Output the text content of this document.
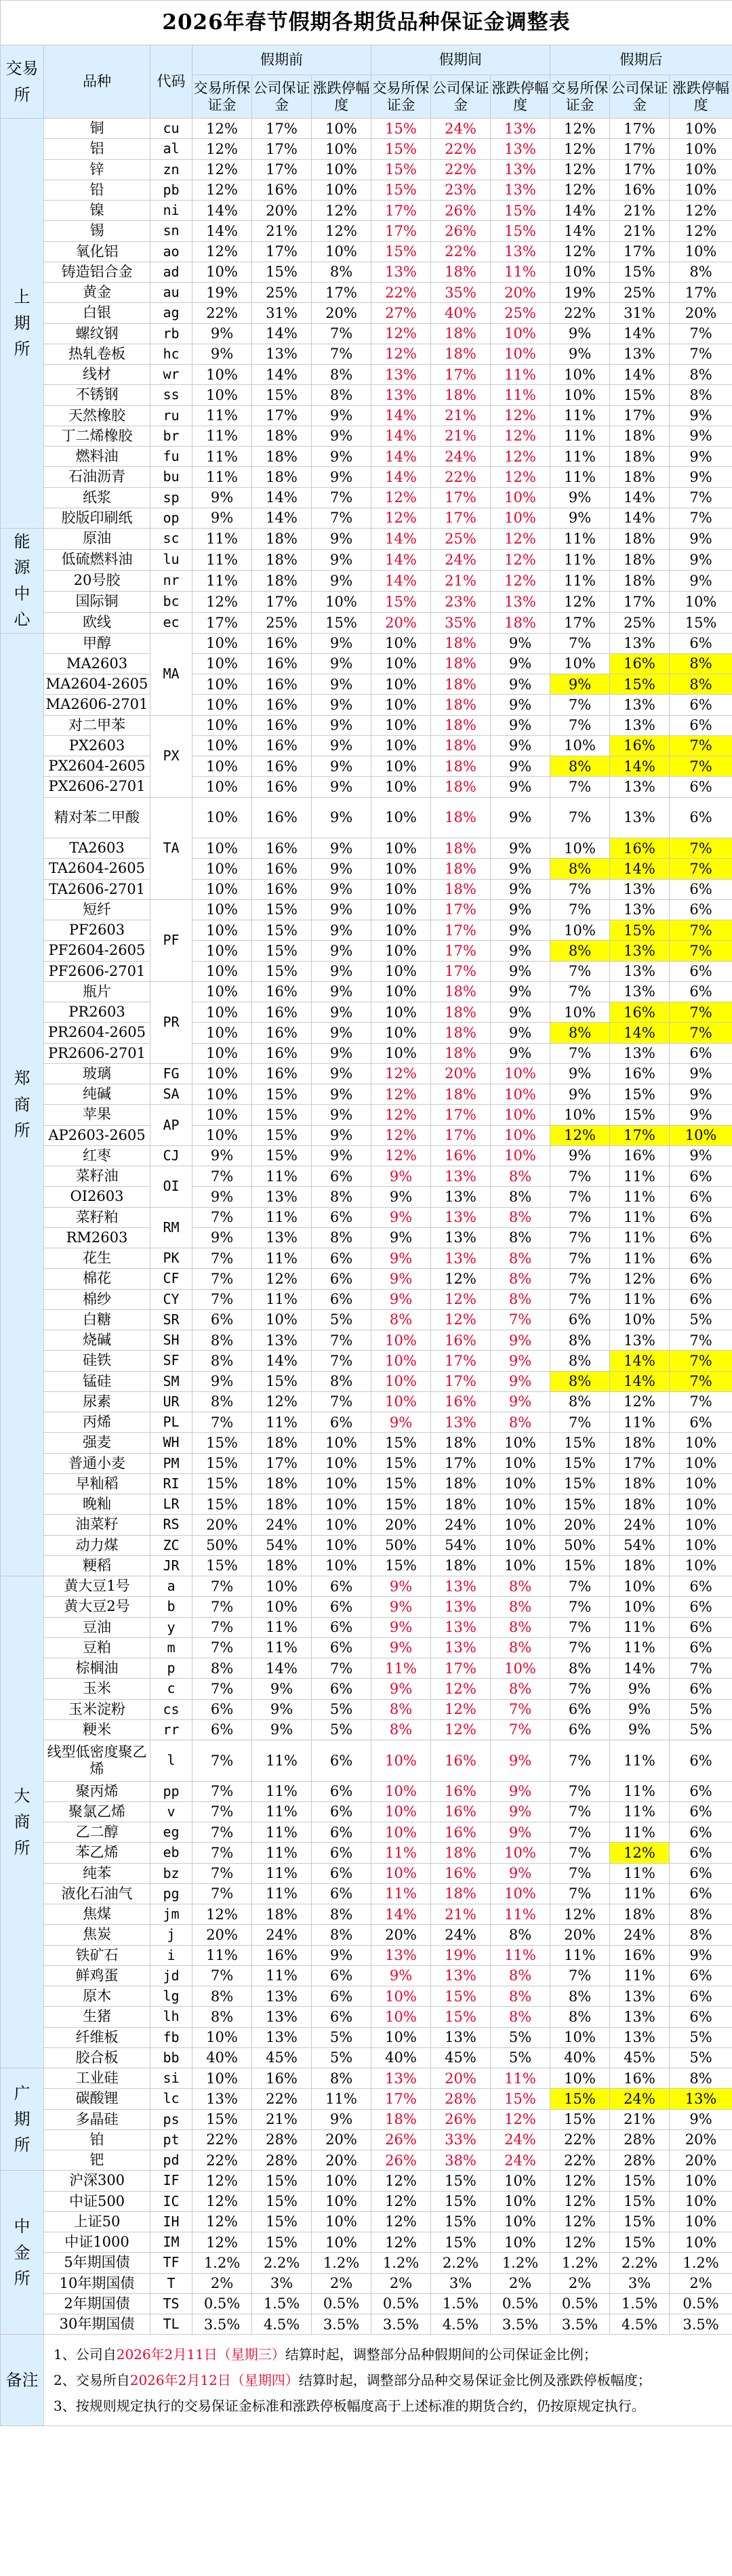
2026年春节假期各期货品种保证金调整表											

交易所	品种	代码	假期前			假期间			假期后		
			交易所保证金	公司保证金	涨跌停幅度	交易所保证金	公司保证金	涨跌停幅度	交易所保证金	公司保证金	涨跌停幅度

上
期
所	铜	cu	12%	17%	10%	15%	24%	13%	12%	17%	10%
	铝	al	12%	17%	10%	15%	22%	13%	12%	17%	10%
	锌	zn	12%	17%	10%	15%	22%	13%	12%	17%	10%
	铅	pb	12%	16%	10%	15%	23%	13%	12%	16%	10%
	镍	ni	14%	20%	12%	17%	26%	15%	14%	21%	12%
	锡	sn	14%	21%	12%	17%	26%	15%	14%	21%	12%
	氧化铝	ao	12%	17%	10%	15%	22%	13%	12%	17%	10%
	铸造铝合金	ad	10%	15%	8%	13%	18%	11%	10%	15%	8%
	黄金	au	19%	25%	17%	22%	35%	20%	19%	25%	17%
	白银	ag	22%	31%	20%	27%	40%	25%	22%	31%	20%
	螺纹钢	rb	9%	14%	7%	12%	18%	10%	9%	14%	7%
	热轧卷板	hc	9%	13%	7%	12%	18%	10%	9%	13%	7%
	线材	wr	10%	14%	8%	13%	17%	11%	10%	14%	8%
	不锈钢	ss	10%	15%	8%	13%	18%	11%	10%	15%	8%
	天然橡胶	ru	11%	17%	9%	14%	21%	12%	11%	17%	9%
	丁二烯橡胶	br	11%	18%	9%	14%	21%	12%	11%	18%	9%
	燃料油	fu	11%	18%	9%	14%	24%	12%	11%	18%	9%
	石油沥青	bu	11%	18%	9%	14%	22%	12%	11%	18%	9%
	纸浆	sp	9%	14%	7%	12%	17%	10%	9%	14%	7%
	胶版印刷纸	op	9%	14%	7%	12%	17%	10%	9%	14%	7%

能
源
中
心	原油	sc	11%	18%	9%	14%	25%	12%	11%	18%	9%
	低硫燃料油	lu	11%	18%	9%	14%	24%	12%	11%	18%	9%
	20号胶	nr	11%	18%	9%	14%	21%	12%	11%	18%	9%
	国际铜	bc	12%	17%	10%	15%	23%	13%	12%	17%	10%
	欧线	ec	17%	25%	15%	20%	35%	18%	17%	25%	15%

郑
商
所	甲醇	MA	10%	16%	9%	10%	18%	9%	7%	13%	6%
	MA2603		10%	16%	9%	10%	18%	9%	10%	16%	8%
	MA2604-2605		10%	16%	9%	10%	18%	9%	9%	15%	8%
	MA2606-2701		10%	16%	9%	10%	18%	9%	7%	13%	6%
	对二甲苯	PX	10%	16%	9%	10%	18%	9%	7%	13%	6%
	PX2603		10%	16%	9%	10%	18%	9%	10%	16%	7%
	PX2604-2605		10%	16%	9%	10%	18%	9%	8%	14%	7%
	PX2606-2701		10%	16%	9%	10%	18%	9%	7%	13%	6%
	精对苯二甲酸	TA	10%	16%	9%	10%	18%	9%	7%	13%	6%
	TA2603		10%	16%	9%	10%	18%	9%	10%	16%	7%
	TA2604-2605		10%	16%	9%	10%	18%	9%	8%	14%	7%
	TA2606-2701		10%	16%	9%	10%	18%	9%	7%	13%	6%
	短纤	PF	10%	15%	9%	10%	17%	9%	7%	13%	6%
	PF2603		10%	15%	9%	10%	17%	9%	10%	15%	7%
	PF2604-2605		10%	15%	9%	10%	17%	9%	8%	13%	7%
	PF2606-2701		10%	15%	9%	10%	17%	9%	7%	13%	6%
	瓶片	PR	10%	16%	9%	10%	18%	9%	7%	13%	6%
	PR2603		10%	16%	9%	10%	18%	9%	10%	16%	7%
	PR2604-2605		10%	16%	9%	10%	18%	9%	8%	14%	7%
	PR2606-2701		10%	16%	9%	10%	18%	9%	7%	13%	6%
	玻璃	FG	10%	16%	9%	12%	20%	10%	9%	16%	9%
	纯碱	SA	10%	15%	9%	12%	18%	10%	9%	15%	9%
	苹果	AP	10%	15%	9%	12%	17%	10%	10%	15%	9%
	AP2603-2605		10%	15%	9%	12%	17%	10%	12%	17%	10%
	红枣	CJ	9%	15%	9%	12%	16%	10%	9%	16%	9%
	菜籽油	OI	7%	11%	6%	9%	13%	8%	7%	11%	6%
	OI2603		9%	13%	8%	9%	13%	8%	7%	11%	6%
	菜籽粕	RM	7%	11%	6%	9%	13%	8%	7%	11%	6%
	RM2603		9%	13%	8%	9%	13%	8%	7%	11%	6%
	花生	PK	7%	11%	6%	9%	13%	8%	7%	11%	6%
	棉花	CF	7%	12%	6%	9%	12%	8%	7%	12%	6%
	棉纱	CY	7%	11%	6%	9%	12%	8%	7%	11%	6%
	白糖	SR	6%	10%	5%	8%	12%	7%	6%	10%	5%
	烧碱	SH	8%	13%	7%	10%	16%	9%	8%	13%	7%
	硅铁	SF	8%	14%	7%	10%	17%	9%	8%	14%	7%
	锰硅	SM	9%	15%	8%	10%	17%	9%	8%	14%	7%
	尿素	UR	8%	12%	7%	10%	16%	9%	8%	12%	7%
	丙烯	PL	7%	11%	6%	9%	13%	8%	7%	11%	6%
	强麦	WH	15%	18%	10%	15%	18%	10%	15%	18%	10%
	普通小麦	PM	15%	17%	10%	15%	17%	10%	15%	17%	10%
	早籼稻	RI	15%	18%	10%	15%	18%	10%	15%	18%	10%
	晚籼	LR	15%	18%	10%	15%	18%	10%	15%	18%	10%
	油菜籽	RS	20%	24%	10%	20%	24%	10%	20%	24%	10%
	动力煤	ZC	50%	54%	10%	50%	54%	10%	50%	54%	10%
	粳稻	JR	15%	18%	10%	15%	18%	10%	15%	18%	10%

大
商
所	黄大豆1号	a	7%	10%	6%	9%	13%	8%	7%	10%	6%
	黄大豆2号	b	7%	10%	6%	9%	13%	8%	7%	10%	6%
	豆油	y	7%	11%	6%	9%	13%	8%	7%	11%	6%
	豆粕	m	7%	11%	6%	9%	13%	8%	7%	11%	6%
	棕榈油	p	8%	14%	7%	11%	17%	10%	8%	14%	7%
	玉米	c	7%	9%	6%	9%	12%	8%	7%	9%	6%
	玉米淀粉	cs	6%	9%	5%	8%	12%	7%	6%	9%	5%
	粳米	rr	6%	9%	5%	8%	12%	7%	6%	9%	5%
	线型低密度聚乙烯	l	7%	11%	6%	10%	16%	9%	7%	11%	6%
	聚丙烯	pp	7%	11%	6%	10%	16%	9%	7%	11%	6%
	聚氯乙烯	v	7%	11%	6%	10%	16%	9%	7%	11%	6%
	乙二醇	eg	7%	11%	6%	10%	16%	9%	7%	11%	6%
	苯乙烯	eb	7%	11%	6%	11%	18%	10%	7%	12%	6%
	纯苯	bz	7%	11%	6%	10%	16%	9%	7%	11%	6%
	液化石油气	pg	7%	11%	6%	11%	18%	10%	7%	11%	6%
	焦煤	jm	12%	18%	8%	14%	21%	11%	12%	18%	8%
	焦炭	j	20%	24%	8%	20%	24%	8%	20%	24%	8%
	铁矿石	i	11%	16%	9%	13%	19%	11%	11%	16%	9%
	鲜鸡蛋	jd	7%	11%	6%	9%	13%	8%	7%	11%	6%
	原木	lg	8%	13%	6%	10%	15%	8%	8%	13%	6%
	生猪	lh	8%	13%	6%	10%	15%	8%	8%	13%	6%
	纤维板	fb	10%	13%	5%	10%	13%	5%	10%	13%	5%
	胶合板	bb	40%	45%	5%	40%	45%	5%	40%	45%	5%

广
期
所	工业硅	si	10%	16%	8%	13%	20%	11%	10%	16%	8%
	碳酸锂	lc	13%	22%	11%	17%	28%	15%	15%	24%	13%
	多晶硅	ps	15%	21%	9%	18%	26%	12%	15%	21%	9%
	铂	pt	22%	28%	20%	26%	33%	24%	22%	28%	20%
	钯	pd	22%	28%	20%	26%	38%	24%	22%	28%	20%

中
金
所	沪深300	IF	12%	15%	10%	12%	15%	10%	12%	15%	10%
	中证500	IC	12%	15%	10%	12%	15%	10%	12%	15%	10%
	上证50	IH	12%	15%	10%	12%	15%	10%	12%	15%	10%
	中证1000	IM	12%	15%	10%	12%	15%	10%	12%	15%	10%
	5年期国债	TF	1.2%	2.2%	1.2%	1.2%	2.2%	1.2%	1.2%	2.2%	1.2%
	10年期国债	T	2%	3%	2%	2%	3%	2%	2%	3%	2%
	2年期国债	TS	0.5%	1.5%	0.5%	0.5%	1.5%	0.5%	0.5%	1.5%	0.5%
	30年期国债	TL	3.5%	4.5%	3.5%	3.5%	4.5%	3.5%	3.5%	4.5%	3.5%
备注	1、公司自2026年2月11日（星期三）结算时起，调整部分品种假期间的公司保证金比例；
2、交易所自2026年2月12日（星期四）结算时起，调整部分品种交易保证金比例及涨跌停板幅度；
3、按规则规定执行的交易保证金标准和涨跌停板幅度高于上述标准的期货合约，仍按原规定执行。										
